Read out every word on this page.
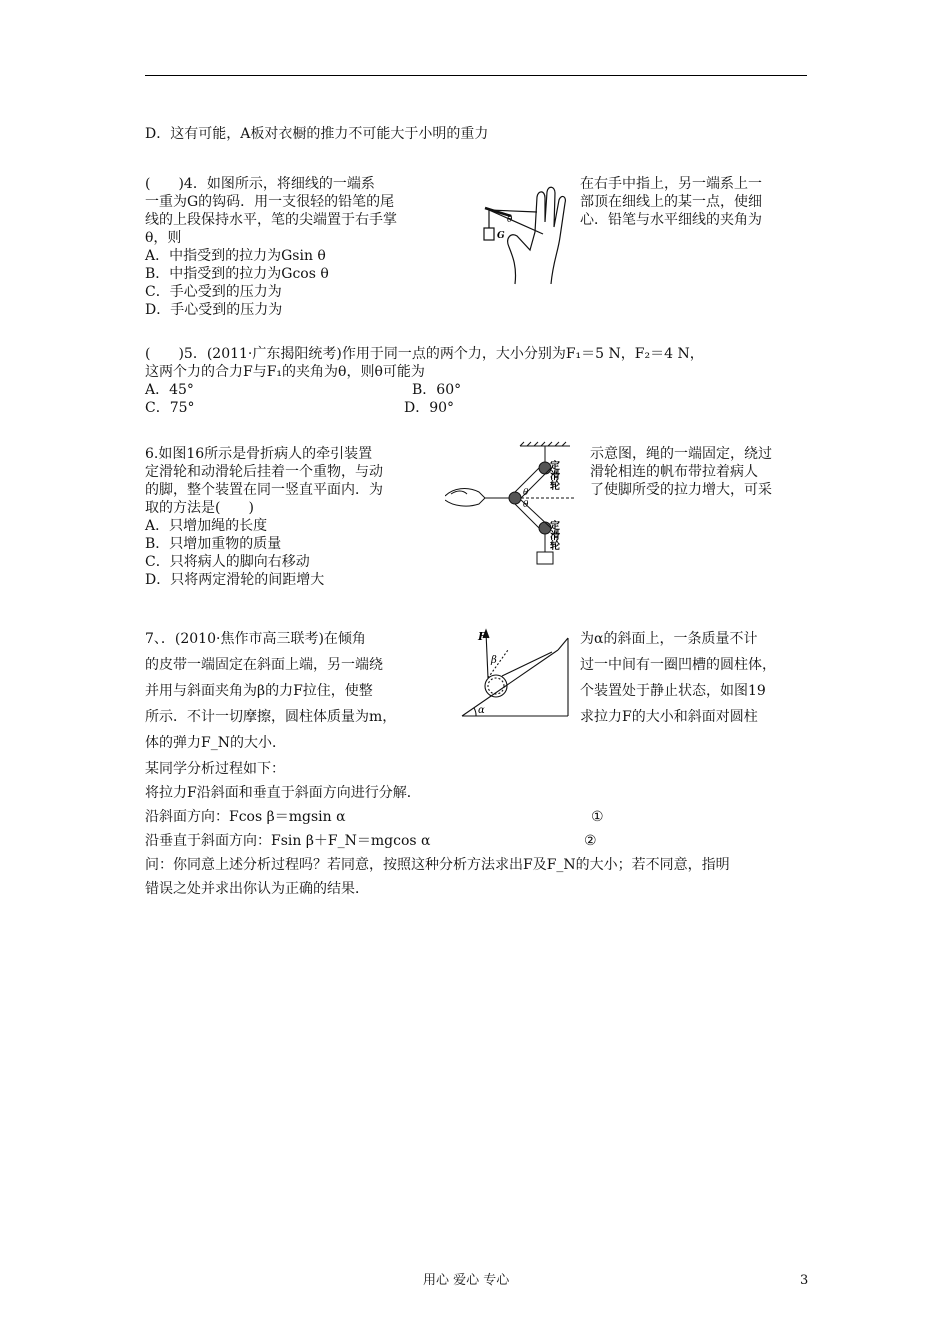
D．这有可能，A板对衣橱的推力不可能大于小明的重力
(　　)4．如图所示，将细线的一端系
一重为G的钩码．用一支很轻的铅笔的尾
线的上段保持水平，笔的尖端置于右手掌
θ，则
在右手中指上，另一端系上一
部顶在细线上的某一点，使细
心．铅笔与水平细线的夹角为
A．中指受到的拉力为Gsin θ
B．中指受到的拉力为Gcos θ
C．手心受到的压力为
D．手心受到的压力为
θ
G
(　　)5．(2011·广东揭阳统考)作用于同一点的两个力，大小分别为F₁＝5 N，F₂＝4 N，
这两个力的合力F与F₁的夹角为θ，则θ可能为
A．45°	B．60°
C．75°	D．90°
6.如图16所示是骨折病人的牵引装置
定滑轮和动滑轮后挂着一个重物，与动
的脚，整个装置在同一竖直平面内．为
取的方法是(　　)
示意图，绳的一端固定，绕过
滑轮相连的帆布带拉着病人
了使脚所受的拉力增大，可采
A．只增加绳的长度
B．只增加重物的质量
C．只将病人的脚向右移动
D．只将两定滑轮的间距增大
定滑轮
定滑轮
θ
θ
7、．(2010·焦作市高三联考)在倾角
的皮带一端固定在斜面上端，另一端绕
并用与斜面夹角为β的力F拉住，使整
所示．不计一切摩擦，圆柱体质量为m，
体的弹力F_N的大小．
为α的斜面上，一条质量不计
过一中间有一圈凹槽的圆柱体，
个装置处于静止状态，如图19
求拉力F的大小和斜面对圆柱
某同学分析过程如下：
将拉力F沿斜面和垂直于斜面方向进行分解．
沿斜面方向：Fcos β＝mgsin α	①
沿垂直于斜面方向：Fsin β＋F_N＝mgcos α	②
问：你同意上述分析过程吗？若同意，按照这种分析方法求出F及F_N的大小；若不同意，指明
错误之处并求出你认为正确的结果．
F
β
α
用心 爱心 专心	3
